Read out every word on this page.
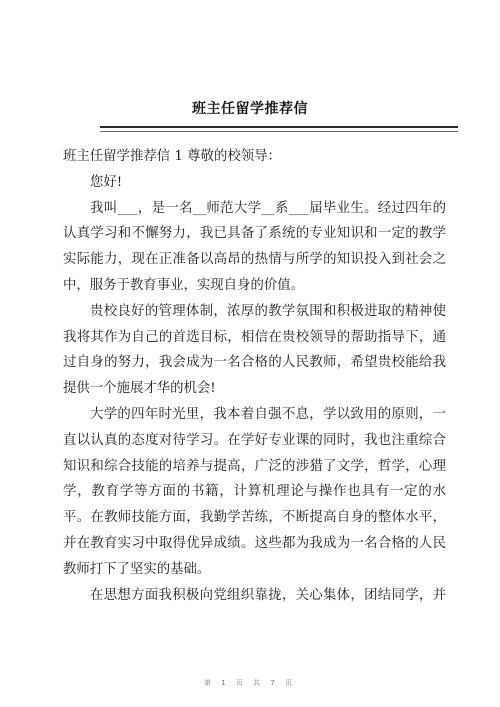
班主任留学推荐信

班主任留学推荐信 1 尊敬的校领导：

您好!

我叫___，是一名__师范大学__系___届毕业生。经过四年的
认真学习和不懈努力，我已具备了系统的专业知识和一定的教学
实际能力，现在正准备以高昂的热情与所学的知识投入到社会之
中，服务于教育事业，实现自身的价值。
贵校良好的管理体制，浓厚的教学氛围和积极进取的精神使
我将其作为自己的首选目标，相信在贵校领导的帮助指导下，通
过自身的努力，我会成为一名合格的人民教师，希望贵校能给我
提供一个施展才华的机会!
大学的四年时光里，我本着自强不息，学以致用的原则，一
直以认真的态度对待学习。在学好专业课的同时，我也注重综合
知识和综合技能的培养与提高，广泛的涉猎了文学，哲学，心理
学，教育学等方面的书籍，计算机理论与操作也具有一定的水
平。在教师技能方面，我勤学苦练，不断提高自身的整体水平，
并在教育实习中取得优异成绩。这些都为我成为一名合格的人民
教师打下了坚实的基础。
在思想方面我积极向党组织靠拢，关心集体，团结同学，并
第 1 页 共 7 页
